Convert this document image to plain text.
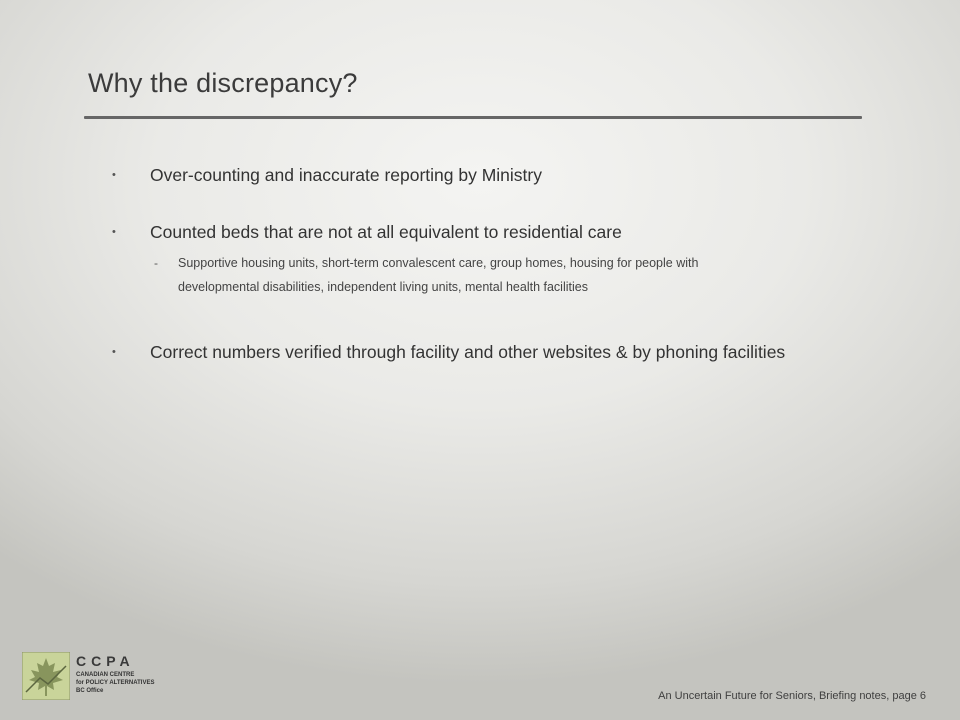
Why the discrepancy?
• Over-counting and inaccurate reporting by Ministry
• Counted beds that are not at all equivalent to residential care
- Supportive housing units, short-term convalescent care, group homes, housing for people with developmental disabilities, independent living units, mental health facilities
• Correct numbers verified through facility and other websites & by phoning facilities
CCPA
CANADIAN CENTRE
for POLICY ALTERNATIVES
BC Office	An Uncertain Future for Seniors, Briefing notes, page 6
